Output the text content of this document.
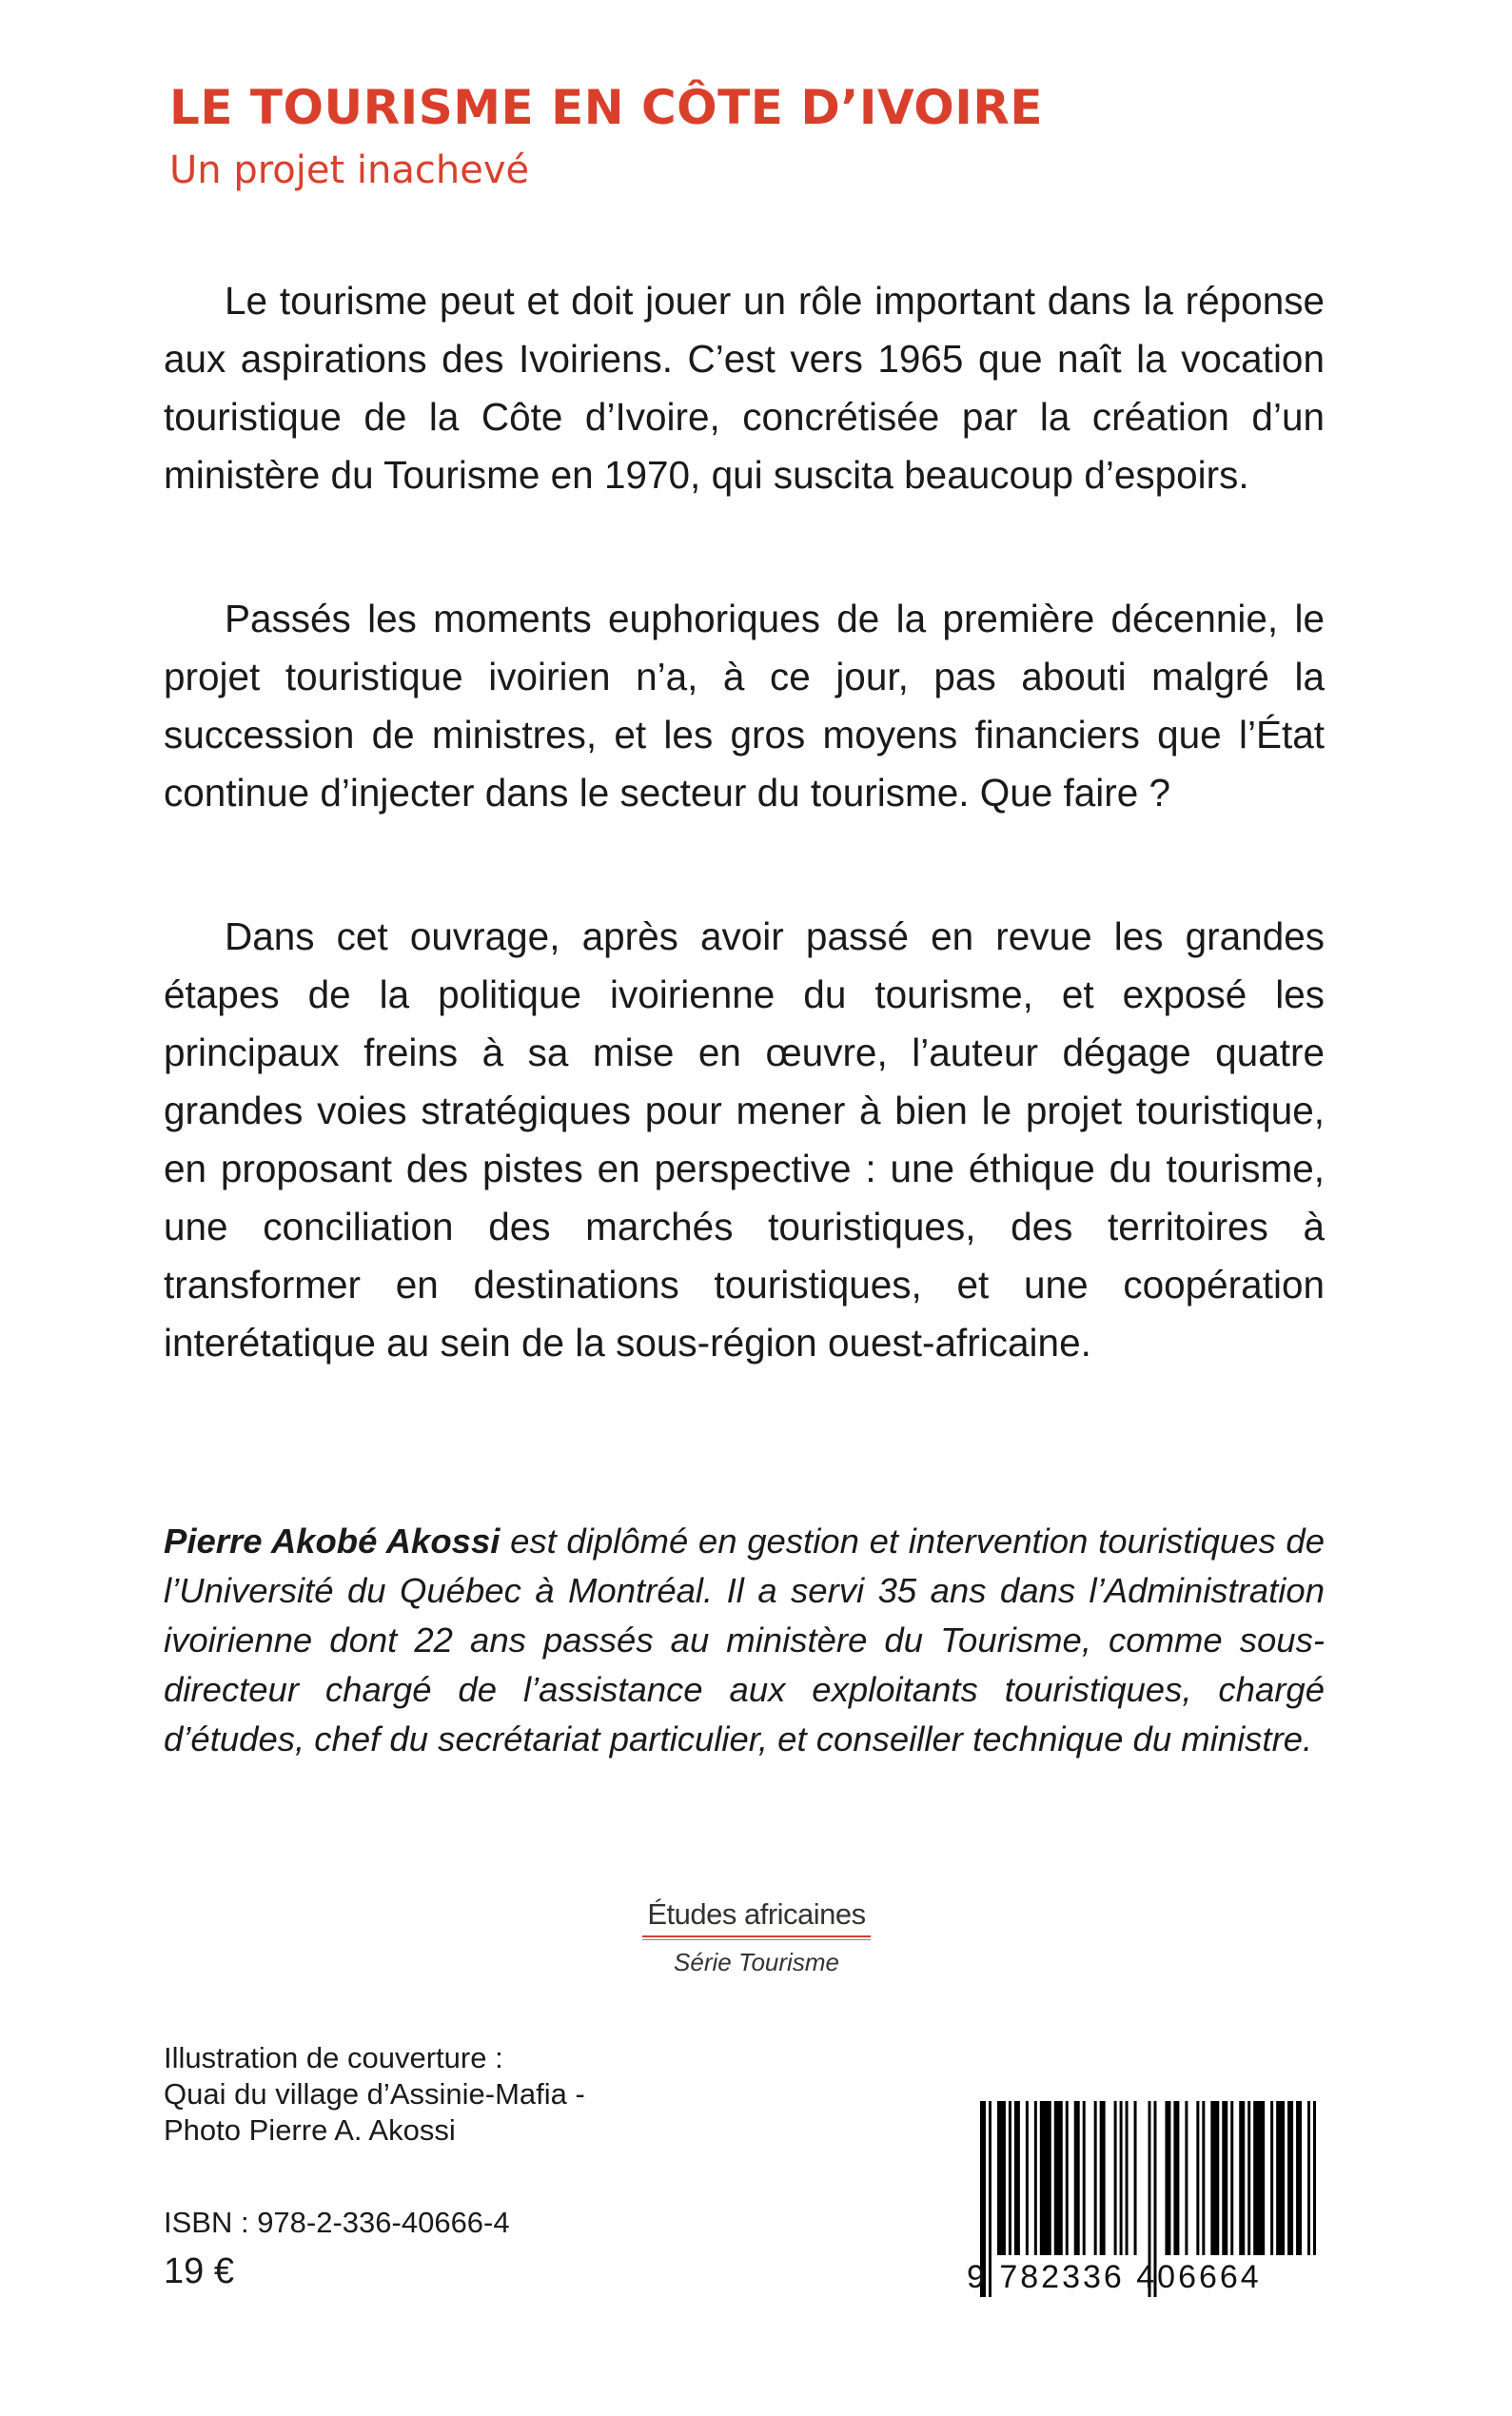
LE TOURISME EN CÔTE D’IVOIRE
Un projet inachevé

Le tourisme peut et doit jouer un rôle important dans la réponse aux aspirations des Ivoiriens. C’est vers 1965 que naît la vocation touristique de la Côte d’Ivoire, concrétisée par la création d’un ministère du Tourisme en 1970, qui suscita beaucoup d’espoirs.

Passés les moments euphoriques de la première décennie, le projet touristique ivoirien n’a, à ce jour, pas abouti malgré la succession de ministres, et les gros moyens financiers que l’État continue d’injecter dans le secteur du tourisme. Que faire ?

Dans cet ouvrage, après avoir passé en revue les grandes étapes de la politique ivoirienne du tourisme, et exposé les principaux freins à sa mise en œuvre, l’auteur dégage quatre grandes voies stratégiques pour mener à bien le projet touristique, en proposant des pistes en perspective : une éthique du tourisme, une conciliation des marchés touristiques, des territoires à transformer en destinations touristiques, et une coopération interétatique au sein de la sous-région ouest-africaine.

Pierre Akobé Akossi est diplômé en gestion et intervention touristiques de l’Université du Québec à Montréal. Il a servi 35 ans dans l’Administration ivoirienne dont 22 ans passés au ministère du Tourisme, comme sous-directeur chargé de l’assistance aux exploitants touristiques, chargé d’études, chef du secrétariat particulier, et conseiller technique du ministre.

Études africaines
Série Tourisme
Illustration de couverture :
Quai du village d’Assinie-Mafia -
Photo Pierre A. Akossi
ISBN : 978-2-336-40666-4
19 €	9 782336 406664
